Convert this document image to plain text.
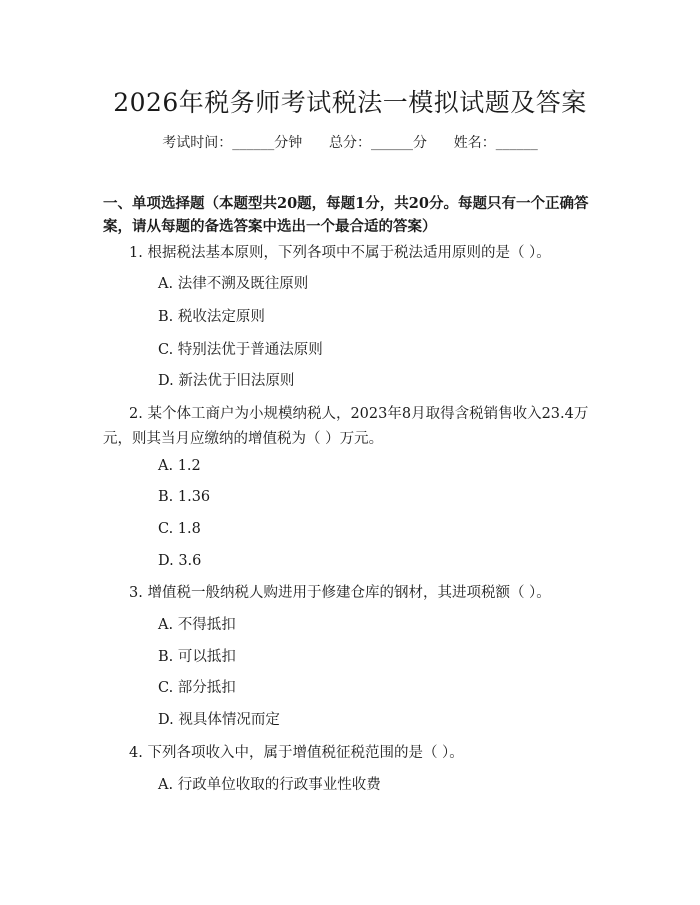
2026年税务师考试税法一模拟试题及答案
考试时间：______分钟      总分：______分      姓名：______
一、单项选择题（本题型共20题，每题1分，共20分。每题只有一个正确答案，请从每题的备选答案中选出一个最合适的答案）
1. 根据税法基本原则，下列各项中不属于税法适用原则的是（ ）。
A. 法律不溯及既往原则
B. 税收法定原则
C. 特别法优于普通法原则
D. 新法优于旧法原则
2. 某个体工商户为小规模纳税人，2023年8月取得含税销售收入23.4万元，则其当月应缴纳的增值税为（ ）万元。
A. 1.2
B. 1.36
C. 1.8
D. 3.6
3. 增值税一般纳税人购进用于修建仓库的钢材，其进项税额（ ）。
A. 不得抵扣
B. 可以抵扣
C. 部分抵扣
D. 视具体情况而定
4. 下列各项收入中，属于增值税征税范围的是（ ）。
A. 行政单位收取的行政事业性收费
